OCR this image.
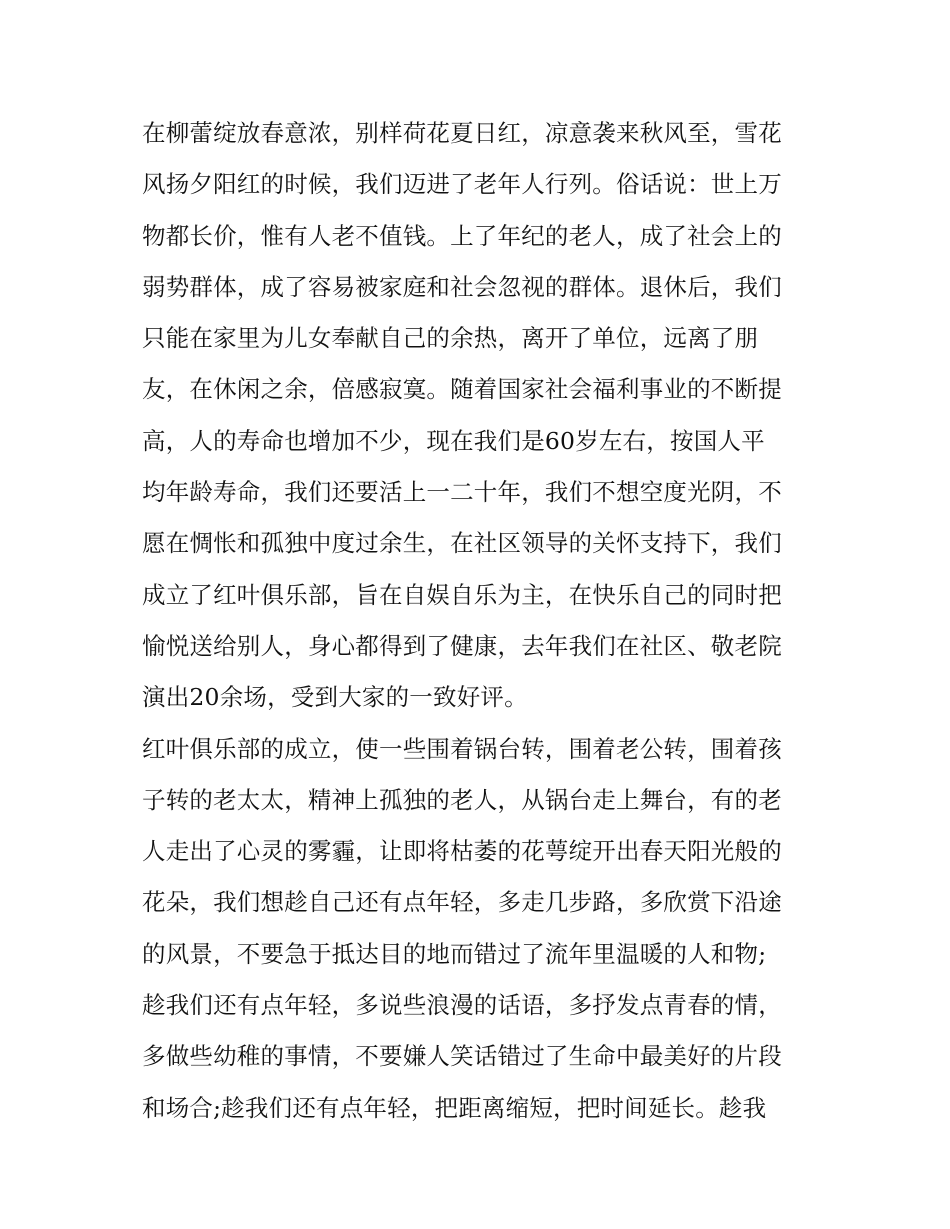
在柳蕾绽放春意浓，别样荷花夏日红，凉意袭来秋风至，雪花
风扬夕阳红的时候，我们迈进了老年人行列。俗话说：世上万
物都长价，惟有人老不值钱。上了年纪的老人，成了社会上的
弱势群体，成了容易被家庭和社会忽视的群体。退休后，我们
只能在家里为儿女奉献自己的余热，离开了单位，远离了朋
友，在休闲之余，倍感寂寞。随着国家社会福利事业的不断提
高，人的寿命也增加不少，现在我们是60岁左右，按国人平
均年龄寿命，我们还要活上一二十年，我们不想空度光阴，不
愿在惆怅和孤独中度过余生，在社区领导的关怀支持下，我们
成立了红叶俱乐部，旨在自娱自乐为主，在快乐自己的同时把
愉悦送给别人，身心都得到了健康，去年我们在社区、敬老院
演出20余场，受到大家的一致好评。
红叶俱乐部的成立，使一些围着锅台转，围着老公转，围着孩
子转的老太太，精神上孤独的老人，从锅台走上舞台，有的老
人走出了心灵的雾霾，让即将枯萎的花萼绽开出春天阳光般的
花朵，我们想趁自己还有点年轻，多走几步路，多欣赏下沿途
的风景，不要急于抵达目的地而错过了流年里温暖的人和物;
趁我们还有点年轻，多说些浪漫的话语，多抒发点青春的情，
多做些幼稚的事情，不要嫌人笑话错过了生命中最美好的片段
和场合;趁我们还有点年轻，把距离缩短，把时间延长。趁我
